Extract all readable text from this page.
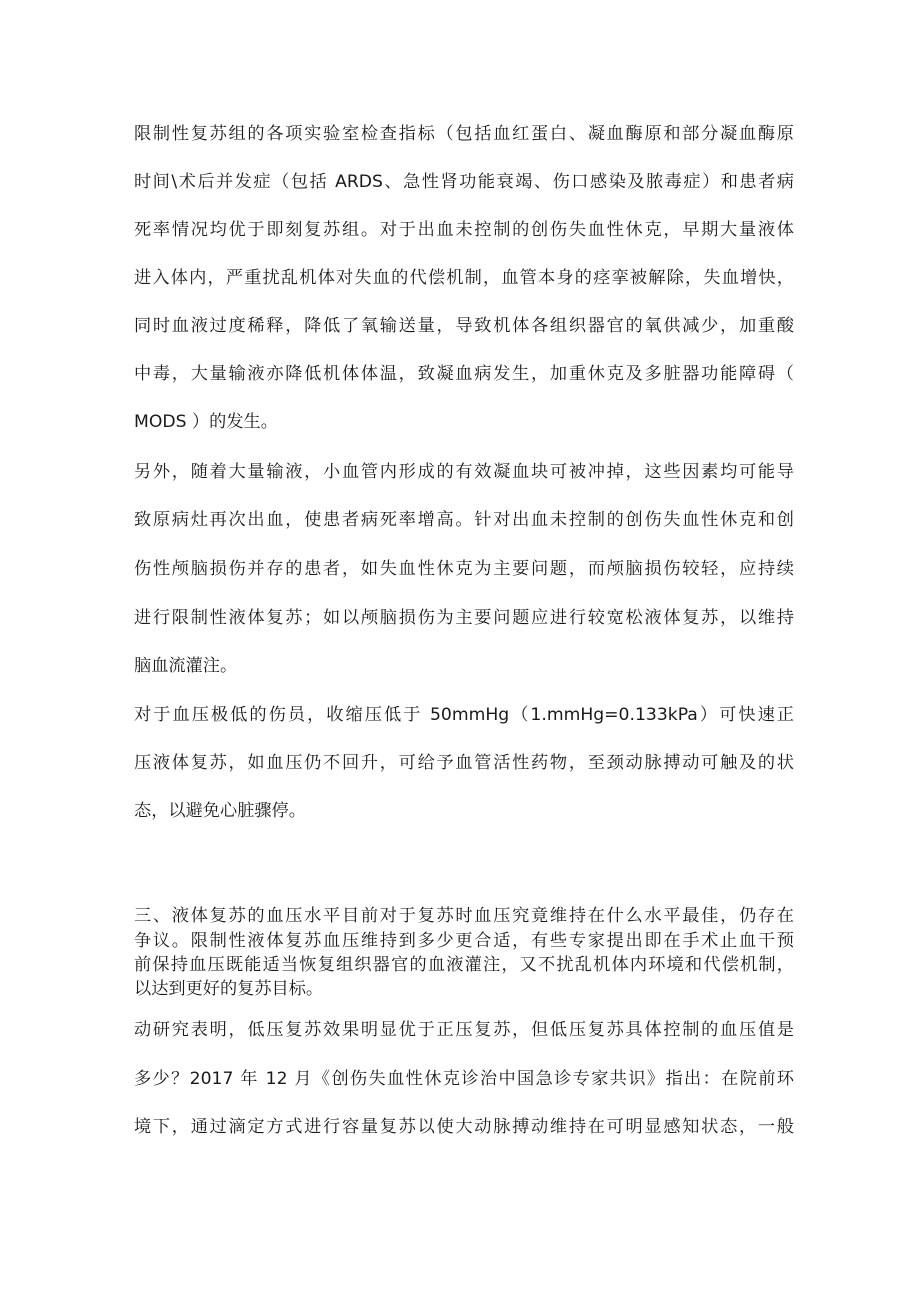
限制性复苏组的各项实验室检查指标（包括血红蛋白、凝血酶原和部分凝血酶原
时间\术后并发症（包括 ARDS、急性肾功能衰竭、伤口感染及脓毒症）和患者病
死率情况均优于即刻复苏组。对于出血未控制的创伤失血性休克，早期大量液体
进入体内，严重扰乱机体对失血的代偿机制，血管本身的痉挛被解除，失血增快，
同时血液过度稀释，降低了氧输送量，导致机体各组织器官的氧供减少，加重酸
中毒，大量输液亦降低机体体温，致凝血病发生，加重休克及多脏器功能障碍（
MODS ）的发生。
另外，随着大量输液，小血管内形成的有效凝血块可被冲掉，这些因素均可能导
致原病灶再次出血，使患者病死率增高。针对出血未控制的创伤失血性休克和创
伤性颅脑损伤并存的患者，如失血性休克为主要问题，而颅脑损伤较轻，应持续
进行限制性液体复苏；如以颅脑损伤为主要问题应进行较宽松液体复苏，以维持
脑血流灌注。
对于血压极低的伤员，收缩压低于 50mmHg（1.mmHg=0.133kPa）可快速正
压液体复苏，如血压仍不回升，可给予血管活性药物，至颈动脉搏动可触及的状
态，以避免心脏骤停。
三、液体复苏的血压水平目前对于复苏时血压究竟维持在什么水平最佳，仍存在
争议。限制性液体复苏血压维持到多少更合适，有些专家提出即在手术止血干预
前保持血压既能适当恢复组织器官的血液灌注，又不扰乱机体内环境和代偿机制，
以达到更好的复苏目标。
动研究表明，低压复苏效果明显优于正压复苏，但低压复苏具体控制的血压值是
多少？2017 年 12 月《创伤失血性休克诊治中国急诊专家共识》指出：在院前环
境下，通过滴定方式进行容量复苏以使大动脉搏动维持在可明显感知状态，一般
